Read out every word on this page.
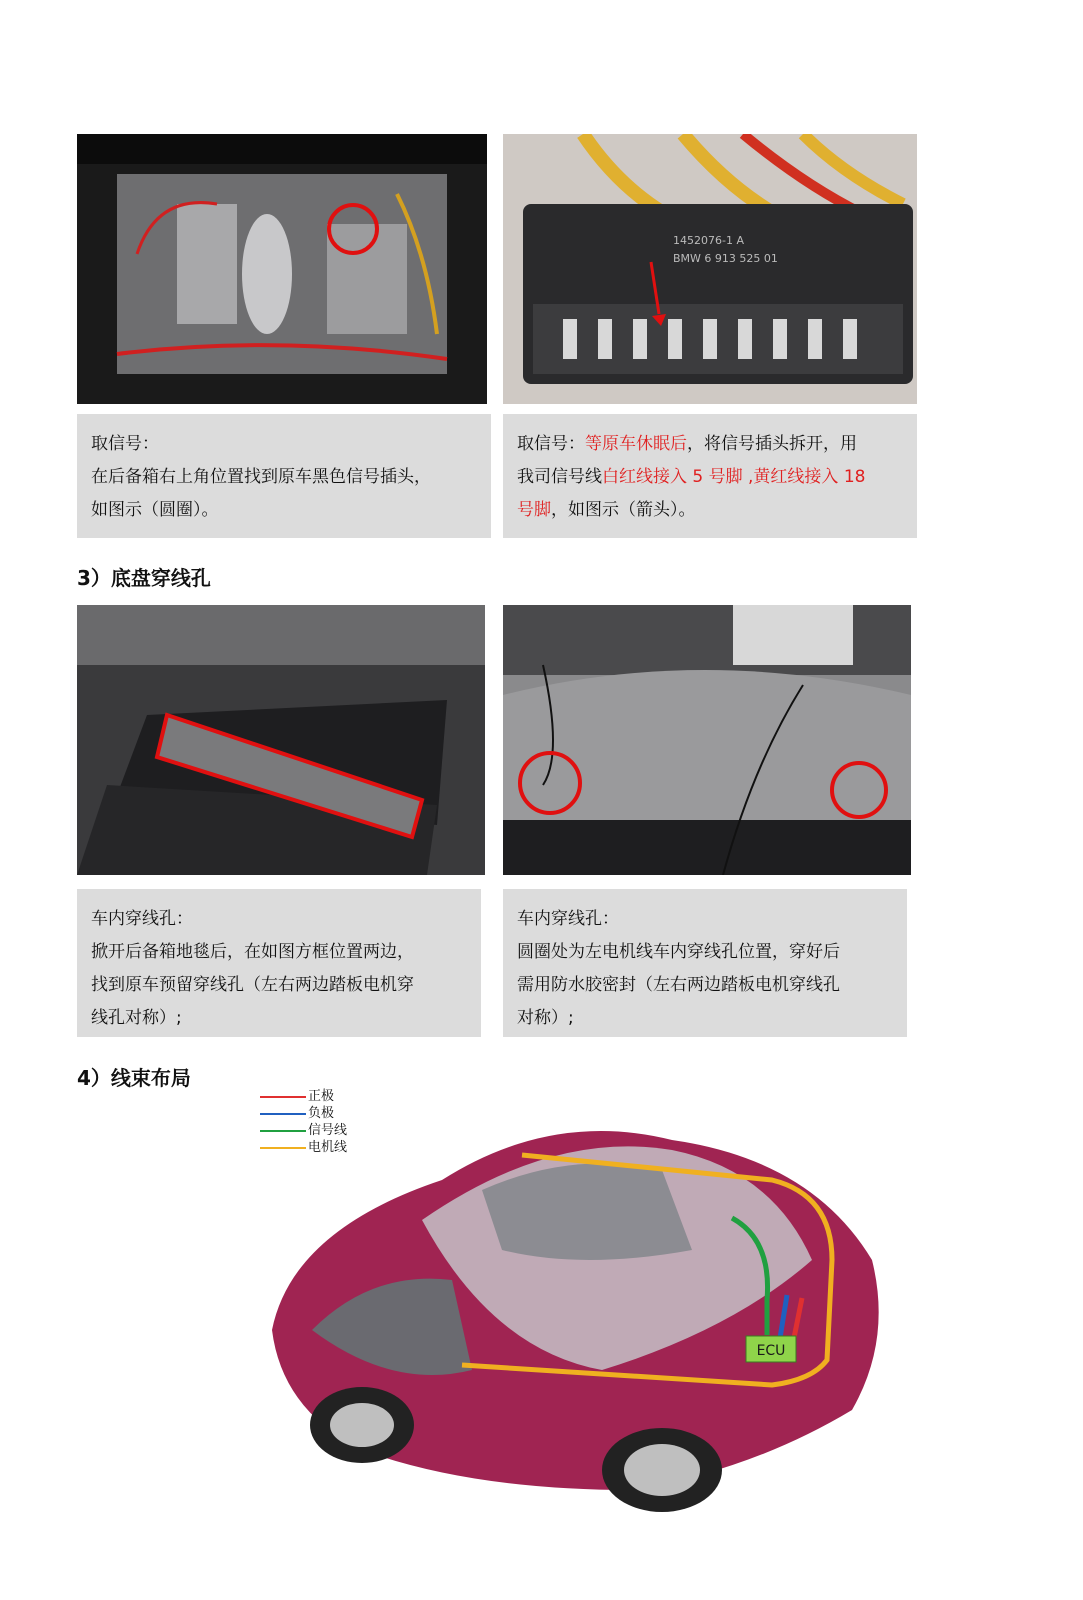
1452076-1 A
BMW 6 913 525 01

取信号：

在后备箱右上角位置找到原车黑色信号插头，

如图示（圆圈）。

取信号：等原车休眠后，将信号插头拆开，用

我司信号线白红线接入 5 号脚 ,黄红线接入 18

号脚，如图示（箭头）。

3）底盘穿线孔

车内穿线孔：

掀开后备箱地毯后，在如图方框位置两边，

找到原车预留穿线孔（左右两边踏板电机穿

线孔对称）;

车内穿线孔：

圆圈处为左电机线车内穿线孔位置，穿好后

需用防水胶密封（左右两边踏板电机穿线孔

对称）;

4）线束布局
ECU
正极
负极
信号线
电机线
